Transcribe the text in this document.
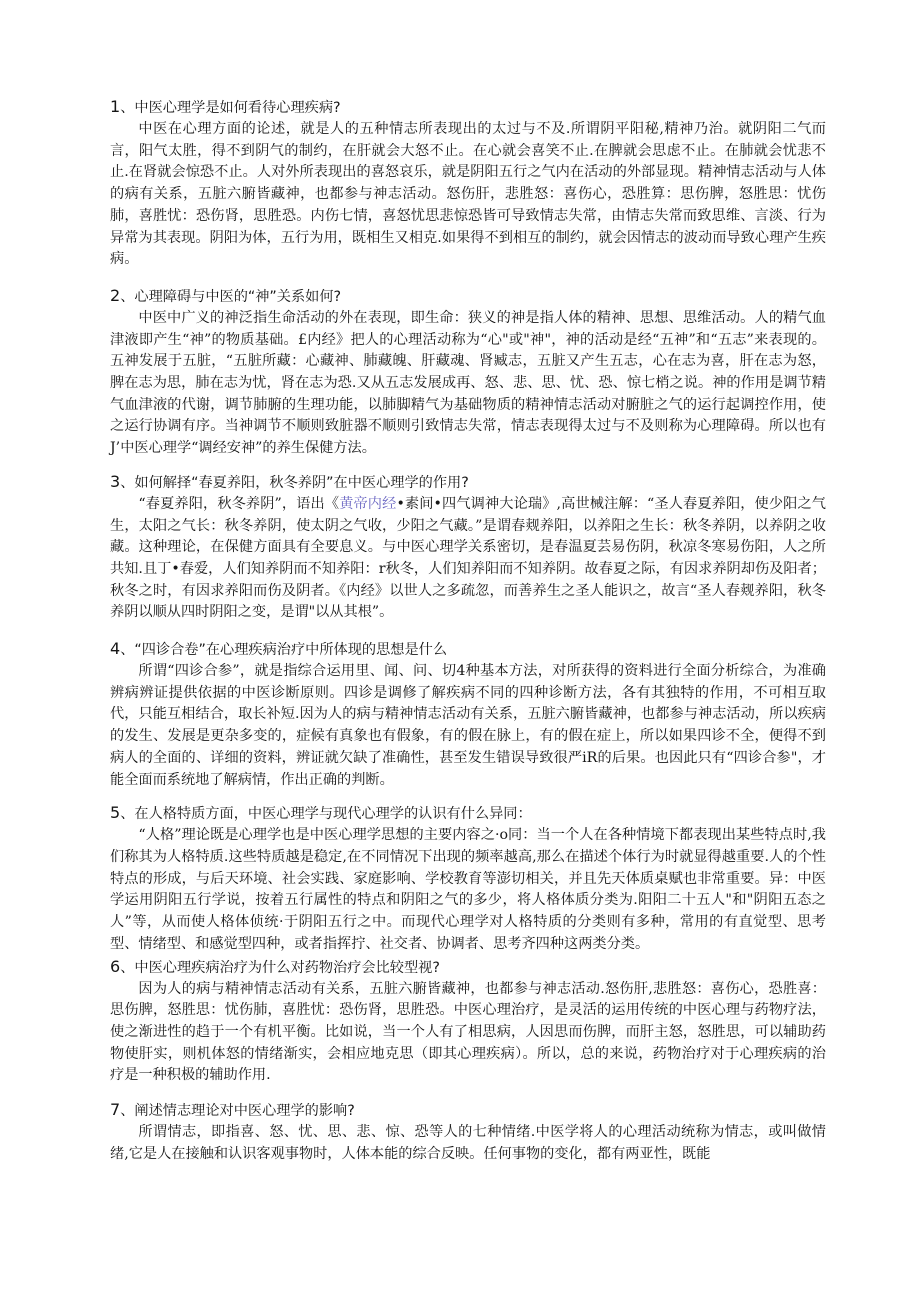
1、中医心理学是如何看待心理疾病?
中医在心理方面的论述，就是人的五种情志所表现出的太过与不及.所谓阴平阳秘,精神乃治。就阴阳二气而言，阳气太胜，得不到阴气的制约，在肝就会大怒不止。在心就会喜笑不止.在脾就会思虑不止。在肺就会忧悲不止.在肾就会惊恐不止。人对外所表现出的喜怒哀乐，就是阴阳五行之气内在活动的外部显现。精神情志活动与人体的病有关系，五脏六腑皆藏神，也都参与神志活动。怒伤肝，悲胜怒：喜伤心，恐胜算：思伤脾，怒胜思：忧伤肺，喜胜忧：恐伤肾，思胜恐。内伤七情，喜怒忧思悲惊恐皆可导致情志失常，由情志失常而致思维、言淡、行为异常为其表现。阴阳为体，五行为用，既相生又相克.如果得不到相互的制约，就会因情志的波动而导致心理产生疾病。
2、心理障碍与中医的“神”关系如何?
中医中广义的神泛指生命活动的外在表现，即生命：狭义的神是指人体的精神、思想、思维活动。人的精气血津液即产生“神”的物质基础。£内经》把人的心理活动称为“心"或"神"，神的活动是经“五神”和“五志”来表现的。五神发展于五脏，“五脏所藏：心藏神、肺藏魄、肝藏魂、肾臧志，五脏又产生五志，心在志为喜，肝在志为怒，脾在志为思，肺在志为忧，肾在志为恐.又从五志发展成再、怒、悲、思、忧、恐、惊七梢之说。神的作用是调节精气血津液的代谢，调节肺腑的生理功能，以肺脚精气为基础物质的精神情志活动对腑脏之气的运行起调控作用，使之运行协调有序。当神调节不顺则致脏器不顺则引致情志失常，情志表现得太过与不及则称为心理障碍。所以也有J’中医心理学“调经安神”的养生保健方法。
3、如何解择“春夏养阳，秋冬养阴”在中医心理学的作用?
“春夏养阳，秋冬养阴”，语出《黄帝内经•素间•四气调神大论瑞》,高世械注解：“圣人春夏养阳，使少阳之气生，太阳之气长：秋冬养阴，使太阴之气收，少阳之气藏。”是谓春觌养阳，以养阳之生长：秋冬养阴，以养阴之收藏。这种理论，在保健方面具有全要息义。与中医心理学关系密切，是春温夏芸易伤阴，秋凉冬寒易伤阳，人之所共知.且丁•春爱，人们知养阴而不知养阳：r秋冬，人们知养阳而不知养阴。故春夏之际，有因求养阴却伤及阳者；秋冬之时，有因求养阳而伤及阴者。《内经》以世人之多疏忽，而善养生之圣人能识之，故言“圣人春觌养阳，秋冬养阴以顺从四时阴阳之变，是谓"以从其根”。
4、“四诊合卷”在心理疾病治疗中所体现的思想是什么
所谓“四诊合参”，就是指综合运用里、闻、问、切4种基本方法，对所获得的资料进行全面分析综合，为准确辨病辨证提供依据的中医诊断原则。四诊是调修了解疾病不同的四种诊断方法，各有其独特的作用，不可相互取代，只能互相结合，取长补短.因为人的病与精神情志活动有关系，五脏六腑皆藏神，也都参与神志活动，所以疾病的发生、发展是更杂多变的，症候有真象也有假象，有的假在脉上，有的假在症上，所以如果四诊不全，便得不到病人的全面的、详细的资料，辨证就欠缺了准确性，甚至发生错误导致很严iR的后果。也因此只有“四诊合参"，才能全面而系统地了解病情，作出正确的判断。
5、在人格特质方面，中医心理学与现代心理学的认识有什么异同：
“人格”理论既是心理学也是中医心理学思想的主要内容之·o同：当一个人在各种情境下都表现出某些特点时,我们称其为人格特质.这些特质越是稳定,在不同情况下出现的频率越高,那么在描述个体行为时就显得越重要.人的个性特点的形成，与后天环境、社会实践、家庭影响、学校教育等澎切相关，并且先天体质桌赋也非常重要。异：中医学运用阴阳五行学说，按着五行属性的特点和阴阳之气的多少，将人格体质分类为.阳阳二十五人"和"阴阳五态之人”等，从而使人格体侦统·于阴阳五行之中。而现代心理学对人格特质的分类则有多种，常用的有直觉型、思考型、情绪型、和感觉型四种，或者指挥拧、社交者、协调者、思考齐四种这两类分类。
6、中医心理疾病治疗为什么对药物治疗会比较型视?
因为人的病与精神情志活动有关系，五脏六腑皆藏神，也都参与神志活动.怒伤肝,悲胜怒：喜伤心，恐胜喜：思伤脾，怒胜思：忧伤肺，喜胜忧：恐伤肾，思胜恐。中医心理治疗，是灵活的运用传统的中医心理与药物疗法，使之渐进性的趋于一个有机平衡。比如说，当一个人有了相思病，人因思而伤脾，而肝主怒，怒胜思，可以辅助药物使肝实，则机体怒的情绪渐实，会相应地克思（即其心理疾病）。所以，总的来说，药物治疗对于心理疾病的治疗是一种积极的辅助作用.
7、阐述情志理论对中医心理学的影响?
所谓情志，即指喜、怒、忧、思、悲、惊、恐等人的七种情绪.中医学将人的心理活动统称为情志，或叫做情绪,它是人在接触和认识客观事物时，人体本能的综合反映。任何事物的变化，都有两亚性，既能
